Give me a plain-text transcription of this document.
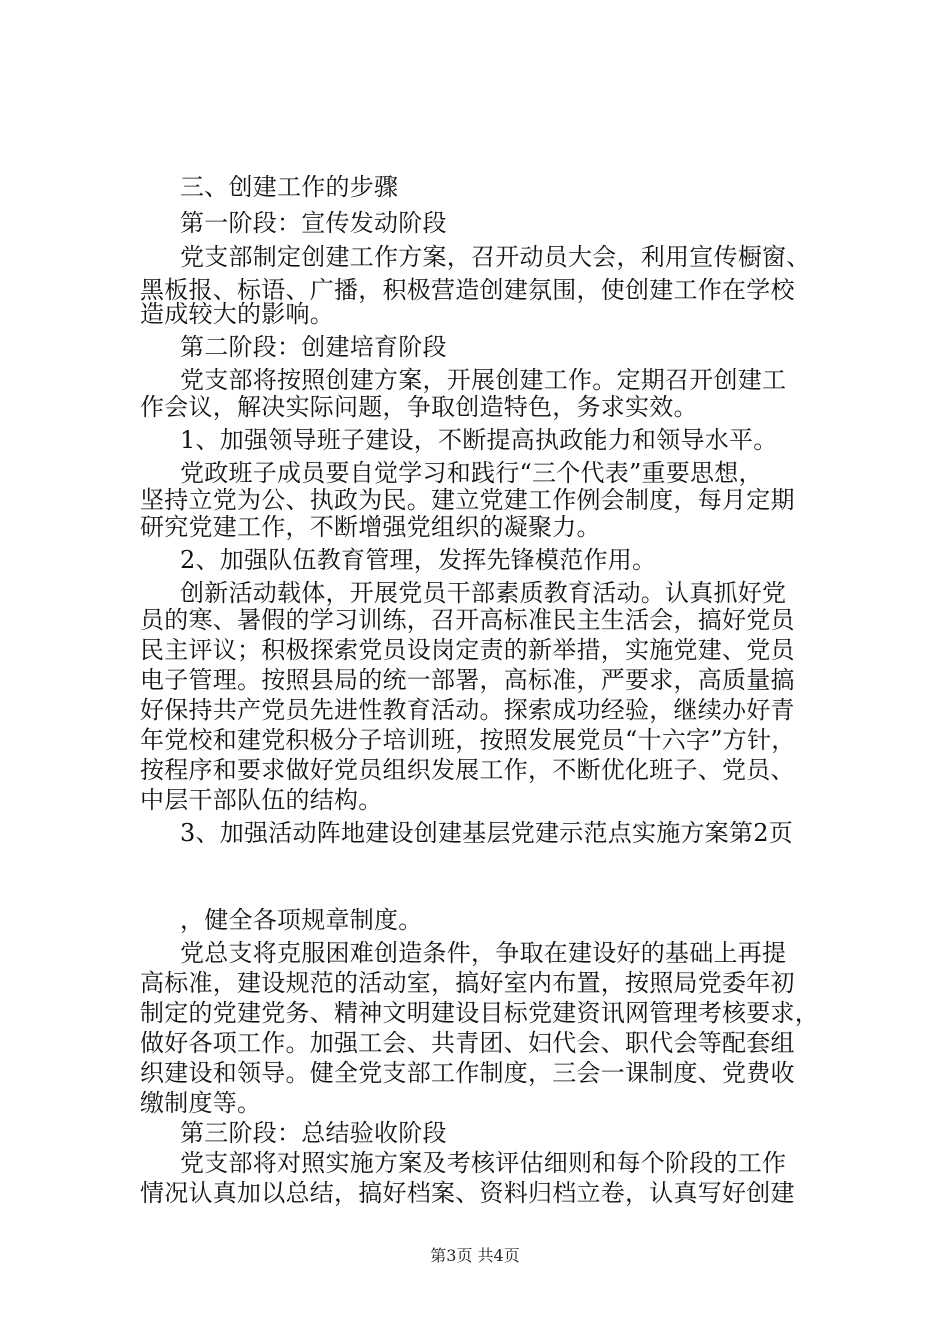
三、创建工作的步骤
第一阶段：宣传发动阶段
党支部制定创建工作方案，召开动员大会，利用宣传橱窗、
黑板报、标语、广播，积极营造创建氛围，使创建工作在学校
造成较大的影响。
第二阶段：创建培育阶段
党支部将按照创建方案，开展创建工作。定期召开创建工
作会议，解决实际问题，争取创造特色，务求实效。
1、加强领导班子建设，不断提高执政能力和领导水平。
党政班子成员要自觉学习和践行“三个代表”重要思想，
坚持立党为公、执政为民。建立党建工作例会制度，每月定期
研究党建工作，不断增强党组织的凝聚力。
2、加强队伍教育管理，发挥先锋模范作用。
创新活动载体，开展党员干部素质教育活动。认真抓好党
员的寒、暑假的学习训练，召开高标准民主生活会，搞好党员
民主评议；积极探索党员设岗定责的新举措，实施党建、党员
电子管理。按照县局的统一部署，高标准，严要求，高质量搞
好保持共产党员先进性教育活动。探索成功经验，继续办好青
年党校和建党积极分子培训班，按照发展党员“十六字”方针，
按程序和要求做好党员组织发展工作，不断优化班子、党员、
中层干部队伍的结构。
3、加强活动阵地建设创建基层党建示范点实施方案第2页
，健全各项规章制度。
党总支将克服困难创造条件，争取在建设好的基础上再提
高标准，建设规范的活动室，搞好室内布置，按照局党委年初
制定的党建党务、精神文明建设目标党建资讯网管理考核要求，
做好各项工作。加强工会、共青团、妇代会、职代会等配套组
织建设和领导。健全党支部工作制度，三会一课制度、党费收
缴制度等。
第三阶段：总结验收阶段
党支部将对照实施方案及考核评估细则和每个阶段的工作
情况认真加以总结，搞好档案、资料归档立卷，认真写好创建
第3页 共4页
